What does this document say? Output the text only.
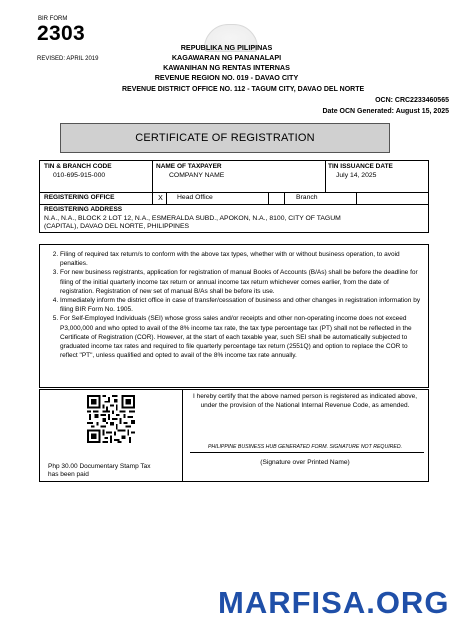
BIR FORM
2303
REVISED: APRIL 2019
REPUBLIKA NG PILIPINAS
KAGAWARAN NG PANANALAPI
KAWANIHAN NG RENTAS INTERNAS
REVENUE REGION NO. 019 - DAVAO CITY
REVENUE DISTRICT OFFICE NO. 112 - TAGUM CITY, DAVAO DEL NORTE
OCN: CRC2233460565
Date OCN Generated: August 15, 2025
CERTIFICATE OF REGISTRATION
TIN & BRANCH CODE
010-695-915-000
NAME OF TAXPAYER
COMPANY NAME
TIN ISSUANCE DATE
July 14, 2025
REGISTERING OFFICE	X	Head Office	Branch
REGISTERING ADDRESS
N.A., N.A., BLOCK 2 LOT 12, N.A., ESMERALDA SUBD., APOKON, N.A., 8100, CITY OF TAGUM
(CAPITAL), DAVAO DEL NORTE, PHILIPPINES
2. Filing of required tax return/s to conform with the above tax types, whether with or without business operation, to avoid penalties.
3. For new business registrants, application for registration of manual Books of Accounts (B/As) shall be before the deadline for filing of the initial quarterly income tax return or annual income tax return whichever comes earlier, from the date of registration. Registration of new set of manual B/As shall be before its use.
4. Immediately inform the district office in case of transfer/cessation of business and other changes in registration information by filing BIR Form No. 1905.
5. For Self-Employed Individuals (SEI) whose gross sales and/or receipts and other non-operating income does not exceed P3,000,000 and who opted to avail of the 8% income tax rate, the tax type percentage tax (PT) shall not be reflected in the Certificate of Registration (COR). However, at the start of each taxable year, such SEI shall be automatically subjected to graduated income tax rates and required to file quarterly percentage tax return (2551Q) and option to replace the COR to reflect "PT", unless qualified and opted to avail of the 8% income tax rate annually.
Php 30.00 Documentary Stamp Tax
has been paid
I hereby certify that the above named person is registered as indicated above, under the provision of the National Internal Revenue Code, as amended.
PHILIPPINE BUSINESS HUB GENERATED FORM. SIGNATURE NOT REQUIRED.
(Signature over Printed Name)
MARFISA.ORG
